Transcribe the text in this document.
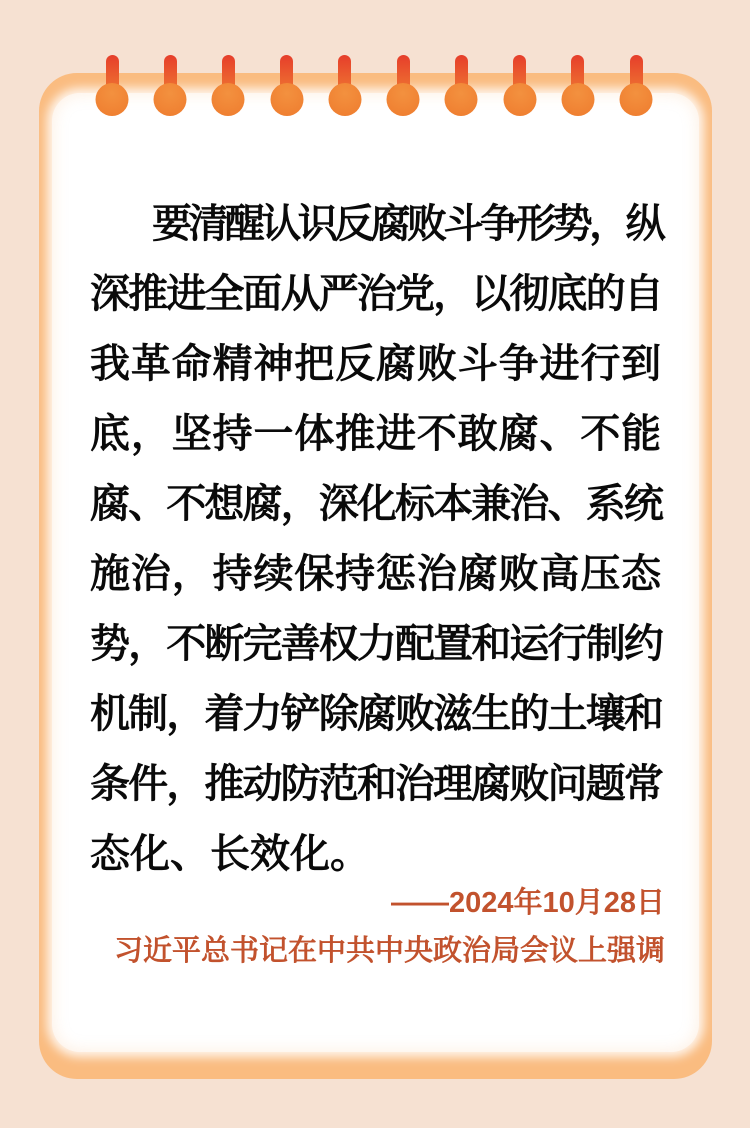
要清醒认识反腐败斗争形势，纵
深推进全面从严治党，以彻底的自
我革命精神把反腐败斗争进行到
底，坚持一体推进不敢腐、不能
腐、不想腐，深化标本兼治、系统
施治，持续保持惩治腐败高压态
势，不断完善权力配置和运行制约
机制，着力铲除腐败滋生的土壤和
条件，推动防范和治理腐败问题常
态化、长效化。
——2024年10月28日
习近平总书记在中共中央政治局会议上强调
